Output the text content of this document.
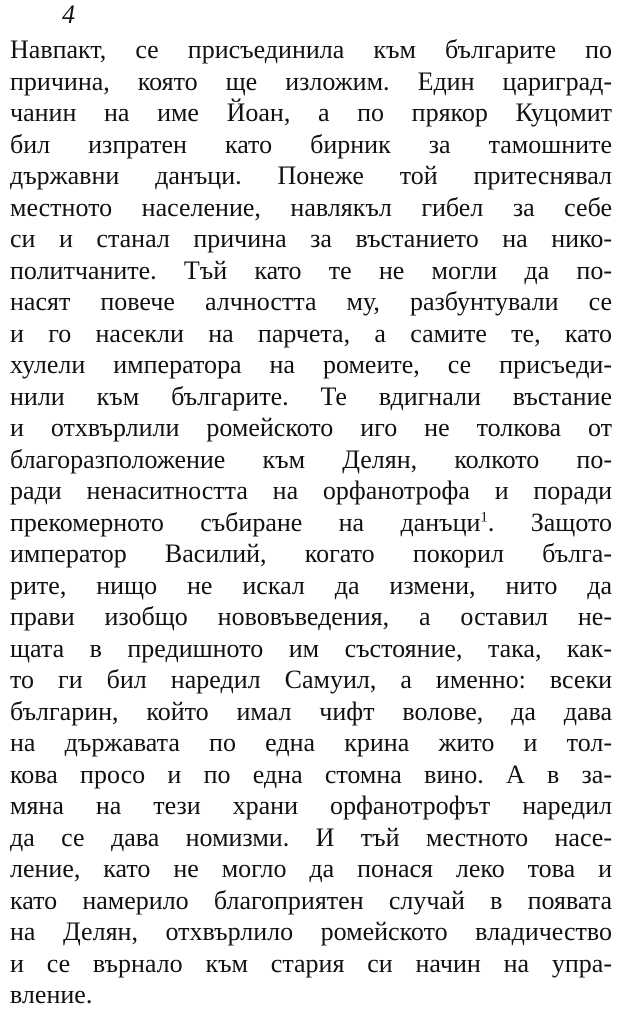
4
Навпакт, се присъединила към българите по
причина, която ще изложим. Един цариград-
чанин на име Йоан, а по прякор Куцомит
бил изпратен като бирник за тамошните
държавни данъци. Понеже той притеснявал
местното население, навлякъл гибел за себе
си и станал причина за въстанието на нико-
политчаните. Тъй като те не могли да по-
насят повече алчността му, разбунтували се
и го насекли на парчета, а самите те, като
хулели императора на ромеите, се присъеди-
нили към българите. Те вдигнали въстание
и отхвърлили ромейското иго не толкова от
благоразположение към Делян, колкото по-
ради ненаситността на орфанотрофа и поради
прекомерното събиране на данъци$^1$. Защото
император Василий, когато покорил бълга-
рите, нищо не искал да измени, нито да
прави изобщо нововъведения, а оставил не-
щата в предишното им състояние, така, как-
то ги бил наредил Самуил, а именно: всеки
българин, който имал чифт волове, да дава
на държавата по една крина жито и тол-
кова просо и по една стомна вино. А в за-
мяна на тези храни орфанотрофът наредил
да се дава номизми. И тъй местното насе-
ление, като не могло да понася леко това и
като намерило благоприятен случай в появата
на Делян, отхвърлило ромейското владичество
и се върнало към стария си начин на упра-
вление.
